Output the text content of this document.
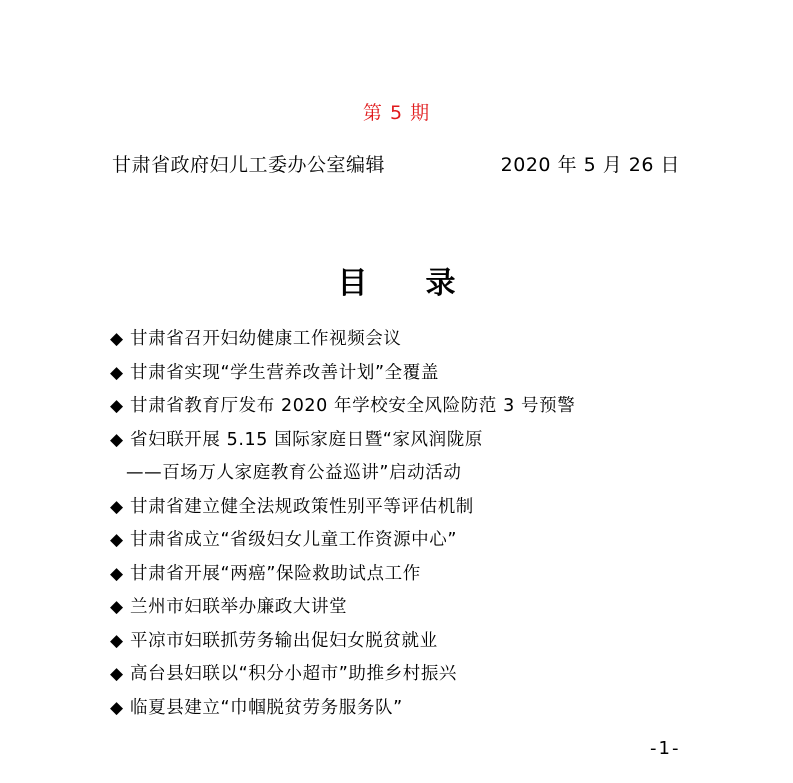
第 5 期
甘肃省政府妇儿工委办公室编辑	2020 年 5 月 26 日
目 录
◆ 甘肃省召开妇幼健康工作视频会议
◆ 甘肃省实现“学生营养改善计划”全覆盖
◆ 甘肃省教育厅发布 2020 年学校安全风险防范 3 号预警
◆ 省妇联开展 5.15 国际家庭日暨“家风润陇原
——百场万人家庭教育公益巡讲”启动活动
◆ 甘肃省建立健全法规政策性别平等评估机制
◆ 甘肃省成立“省级妇女儿童工作资源中心”
◆ 甘肃省开展“两癌”保险救助试点工作
◆ 兰州市妇联举办廉政大讲堂
◆ 平凉市妇联抓劳务输出促妇女脱贫就业
◆ 高台县妇联以“积分小超市”助推乡村振兴
◆ 临夏县建立“巾帼脱贫劳务服务队”
-1-
